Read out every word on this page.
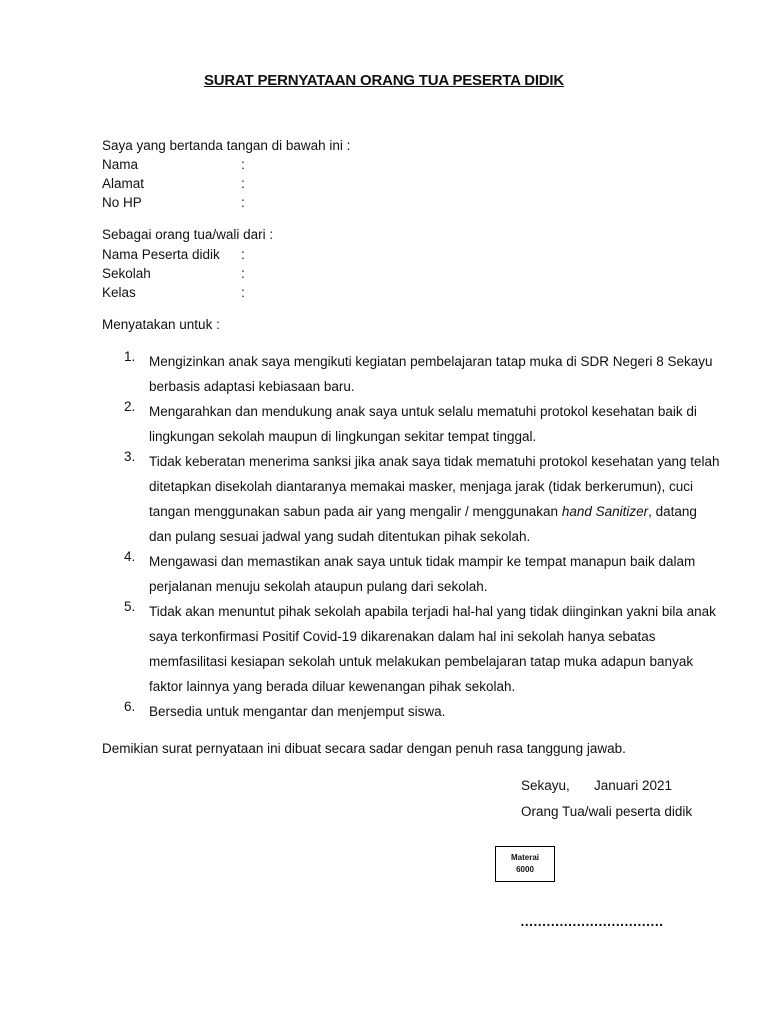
SURAT PERNYATAAN ORANG TUA PESERTA DIDIK
Saya yang bertanda tangan di bawah ini :
Nama	:
Alamat	:
No HP	:
Sebagai orang tua/wali dari :
Nama Peserta didik :
Sekolah	:
Kelas	:
Menyatakan untuk :
1.	Mengizinkan anak saya mengikuti kegiatan pembelajaran tatap muka di SDR Negeri 8 Sekayu
berbasis adaptasi kebiasaan baru.
2.	Mengarahkan dan mendukung anak saya untuk selalu mematuhi protokol kesehatan baik di
lingkungan sekolah maupun di lingkungan sekitar tempat tinggal.
3.	Tidak keberatan menerima sanksi jika anak saya tidak mematuhi protokol kesehatan yang telah
ditetapkan disekolah diantaranya memakai masker, menjaga jarak (tidak berkerumun), cuci
tangan menggunakan sabun pada air yang mengalir / menggunakan hand Sanitizer, datang
dan pulang sesuai jadwal yang sudah ditentukan pihak sekolah.
4.	Mengawasi dan memastikan anak saya untuk tidak mampir ke tempat manapun baik dalam
perjalanan menuju sekolah ataupun pulang dari sekolah.
5.	Tidak akan menuntut pihak sekolah apabila terjadi hal-hal yang tidak diinginkan yakni bila anak
saya terkonfirmasi Positif Covid-19 dikarenakan dalam hal ini sekolah hanya sebatas
memfasilitasi kesiapan sekolah untuk melakukan pembelajaran tatap muka adapun banyak
faktor lainnya yang berada diluar kewenangan pihak sekolah.
6.	Bersedia untuk mengantar dan menjemput siswa.
Demikian surat pernyataan ini dibuat secara sadar dengan penuh rasa tanggung jawab.
Sekayu, Januari 2021
Orang Tua/wali peserta didik
Materai
6000
……………………………
